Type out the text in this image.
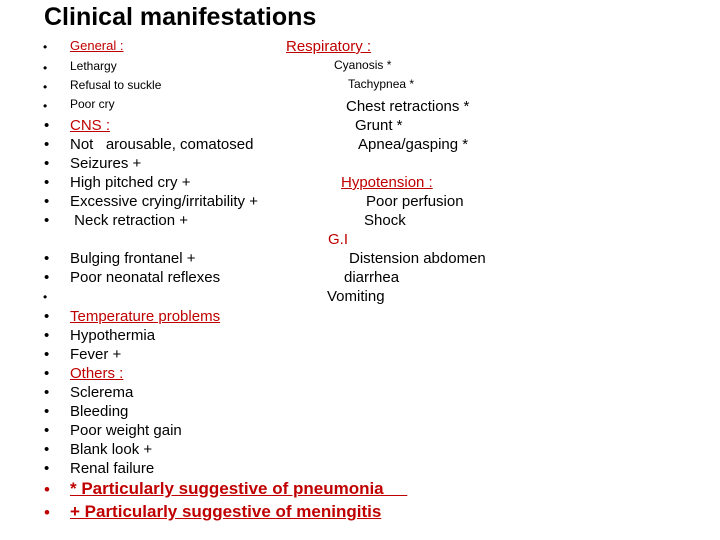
Clinical manifestations
• General :
• Lethargy
• Refusal to suckle
• Poor cry
• CNS :
• Not   arousable, comatosed
• Seizures +
• High pitched cry +
• Excessive crying/irritability +
• Neck retraction +
• Bulging frontanel +
• Poor neonatal reflexes
•
• Temperature problems
• Hypothermia
• Fever +
• Others :
• Sclerema
• Bleeding
• Poor weight gain
• Blank look +
• Renal failure
Respiratory :
Cyanosis *
Tachypnea *
Chest retractions *
Grunt *
Apnea/gasping *
Hypotension :
Poor perfusion
Shock
G.I
Distension abdomen
diarrhea
Vomiting
• * Particularly suggestive of pneumonia
• + Particularly suggestive of meningitis
